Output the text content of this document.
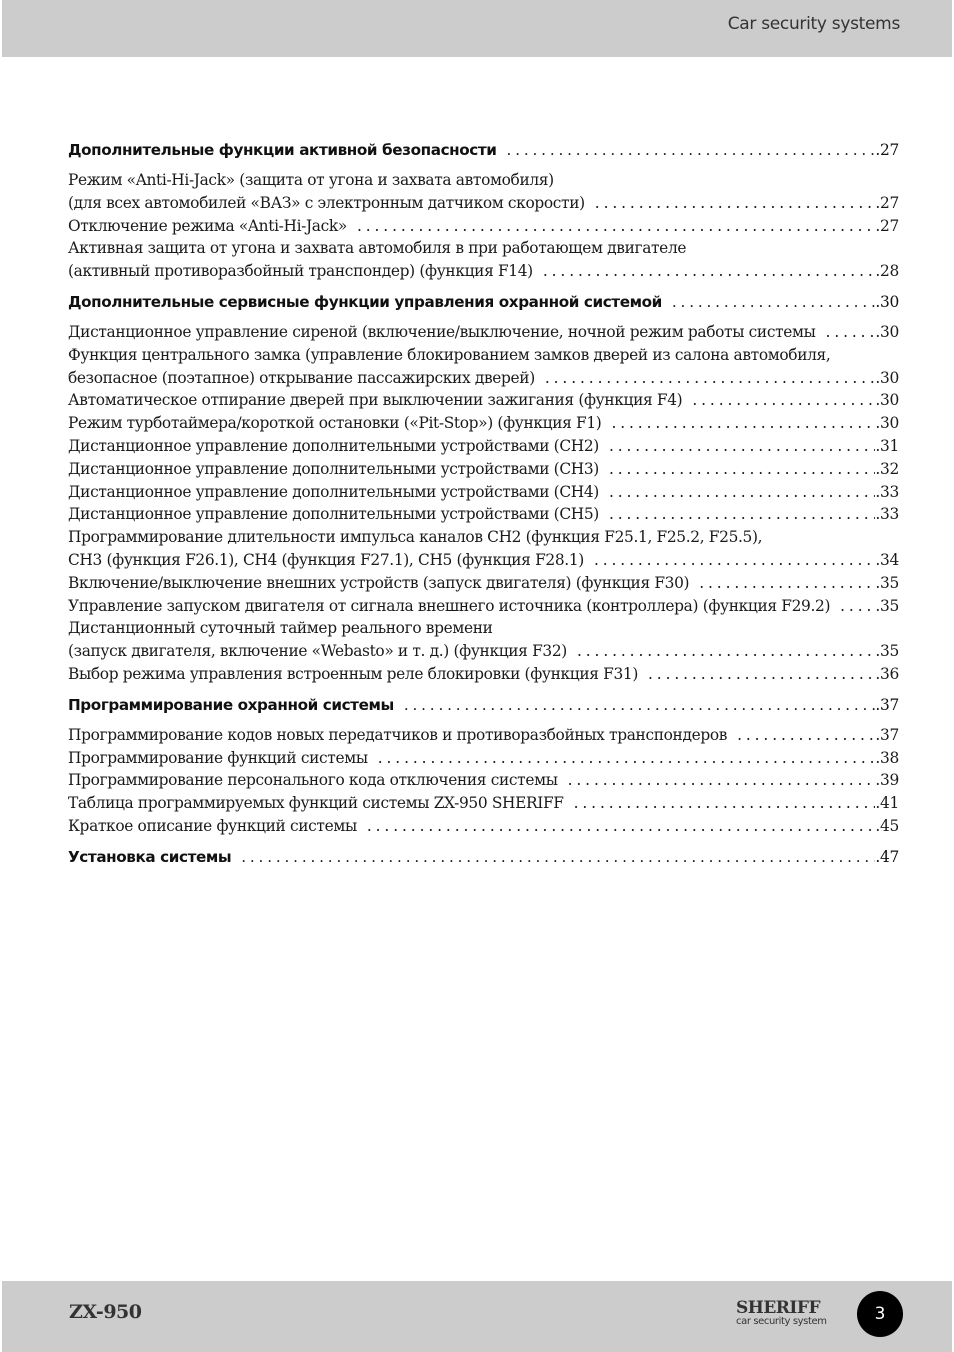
Car security systems
Дополнительные функции активной безопасности . . .	.27
Режим «Anti-Hi-Jack» (защита от угона и захвата автомобиля)
(для всех автомобилей «ВАЗ» с электронным датчиком скорости) . . .	.27
Отключение режима «Anti-Hi-Jack» . . .	.27
Активная защита от угона и захвата автомобиля в при работающем двигателе
(активный противоразбойный транспондер) (функция F14) . . .	.28
Дополнительные сервисные функции управления охранной системой . . .	.30
Дистанционное управление сиреной (включение/выключение, ночной режим работы системы . . .	.30
Функция центрального замка (управление блокированием замков дверей из салона автомобиля,
безопасное (поэтапное) открывание пассажирских дверей) . . .	.30
Автоматическое отпирание дверей при выключении зажигания (функция F4) . . .	.30
Режим турботаймера/короткой остановки («Pit-Stop») (функция F1) . . .	.30
Дистанционное управление дополнительными устройствами (CH2) . . .	.31
Дистанционное управление дополнительными устройствами (CH3) . . .	.32
Дистанционное управление дополнительными устройствами (CH4) . . .	.33
Дистанционное управление дополнительными устройствами (CH5) . . .	.33
Программирование длительности импульса каналов CH2 (функция F25.1, F25.2, F25.5),
CH3 (функция F26.1), CH4 (функция F27.1), CH5 (функция F28.1) . . .	.34
Включение/выключение внешних устройств (запуск двигателя) (функция F30) . . .	.35
Управление запуском двигателя от сигнала внешнего источника (контроллера) (функция F29.2) . . .	.35
Дистанционный суточный таймер реального времени
(запуск двигателя, включение «Webasto» и т. д.) (функция F32) . . .	.35
Выбор режима управления встроенным реле блокировки (функция F31) . . .	.36
Программирование охранной системы . . .	.37
Программирование кодов новых передатчиков и противоразбойных транспондеров . . .	.37
Программирование функций системы . . .	.38
Программирование персонального кода отключения системы . . .	.39
Таблица программируемых функций системы ZX-950 SHERIFF . . .	.41
Краткое описание функций системы . . .	.45
Установка системы . . .	.47
ZX-950	SHERIFF
car security system	3
